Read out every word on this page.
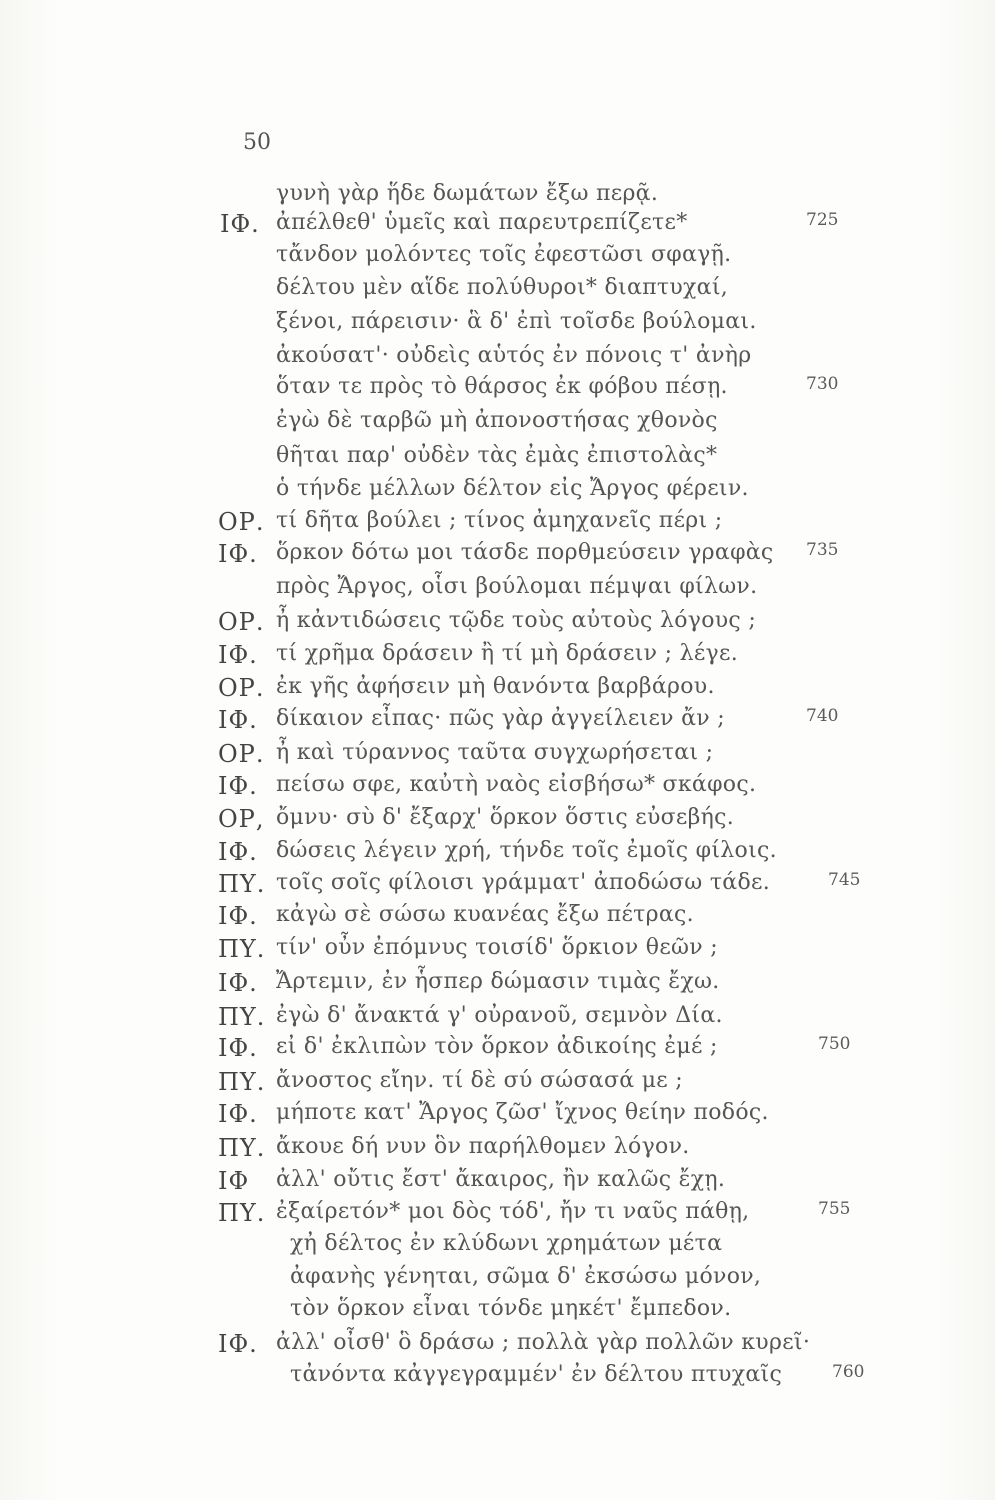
50
γυνὴ γὰρ ἥδε δωμάτων ἔξω περᾷ.
ΙΦ. ἀπέλθεθ' ὑμεῖς καὶ παρευτρεπίζετε*	725
τἄνδον μολόντες τοῖς ἐφεστῶσι σφαγῇ.
δέλτου μὲν αἵδε πολύθυροι* διαπτυχαί,
ξένοι, πάρεισιν· ἃ δ' ἐπὶ τοῖσδε βούλομαι.
ἀκούσατ'· οὐδεὶς αὑτός ἐν πόνοις τ' ἀνὴρ
ὅταν τε πρὸς τὸ θάρσος ἐκ φόβου πέσῃ.	730
ἐγὼ δὲ ταρβῶ μὴ ἀπονοστήσας χθονὸς
θῆται παρ' οὐδὲν τὰς ἐμὰς ἐπιστολὰς*
ὁ τήνδε μέλλων δέλτον εἰς Ἄργος φέρειν.
ΟΡ. τί δῆτα βούλει ; τίνος ἀμηχανεῖς πέρι ;
ΙΦ. ὅρκον δότω μοι τάσδε πορθμεύσειν γραφὰς 735
πρὸς Ἄργος, οἷσι βούλομαι πέμψαι φίλων.
ΟΡ. ἦ κἀντιδώσεις τῷδε τοὺς αὐτοὺς λόγους ;
ΙΦ. τί χρῆμα δράσειν ἢ τί μὴ δράσειν ; λέγε.
ΟΡ. ἐκ γῆς ἀφήσειν μὴ θανόντα βαρβάρου.
ΙΦ. δίκαιον εἶπας· πῶς γὰρ ἀγγείλειεν ἄν ;	740
ΟΡ. ἦ καὶ τύραννος ταῦτα συγχωρήσεται ;
ΙΦ. πείσω σφε, καὐτὴ ναὸς εἰσβήσω* σκάφος.
ΟΡ, ὄμνυ· σὺ δ' ἔξαρχ' ὅρκον ὅστις εὐσεβής.
ΙΦ. δώσεις λέγειν χρή, τήνδε τοῖς ἐμοῖς φίλοις.
ΠΥ. τοῖς σοῖς φίλοισι γράμματ' ἀποδώσω τάδε.	745
ΙΦ. κἀγὼ σὲ σώσω κυανέας ἔξω πέτρας.
ΠΥ. τίν' οὖν ἐπόμνυς τοισίδ' ὅρκιον θεῶν ;
ΙΦ. Ἄρτεμιν, ἐν ἧσπερ δώμασιν τιμὰς ἔχω.
ΠΥ. ἐγὼ δ' ἄνακτά γ' οὐρανοῦ, σεμνὸν Δία.
ΙΦ. εἰ δ' ἐκλιπὼν τὸν ὅρκον ἀδικοίης ἐμέ ;	750
ΠΥ. ἄνοστος εἴην. τί δὲ σύ σώσασά με ;
ΙΦ. μήποτε κατ' Ἄργος ζῶσ' ἴχνος θείην ποδός.
ΠΥ. ἄκουε δή νυν ὃν παρήλθομεν λόγον.
ΙΦ ἀλλ' οὔτις ἔστ' ἄκαιρος, ἢν καλῶς ἔχῃ.
ΠΥ. ἐξαίρετόν* μοι δὸς τόδ', ἤν τι ναῦς πάθῃ,	755
χἠ δέλτος ἐν κλύδωνι χρημάτων μέτα
ἀφανὴς γένηται, σῶμα δ' ἐκσώσω μόνον,
τὸν ὅρκον εἶναι τόνδε μηκέτ' ἔμπεδον.
ΙΦ. ἀλλ' οἶσθ' ὃ δράσω ; πολλὰ γὰρ πολλῶν κυρεῖ·
τἀνόντα κἀγγεγραμμέν' ἐν δέλτου πτυχαῖς	760
